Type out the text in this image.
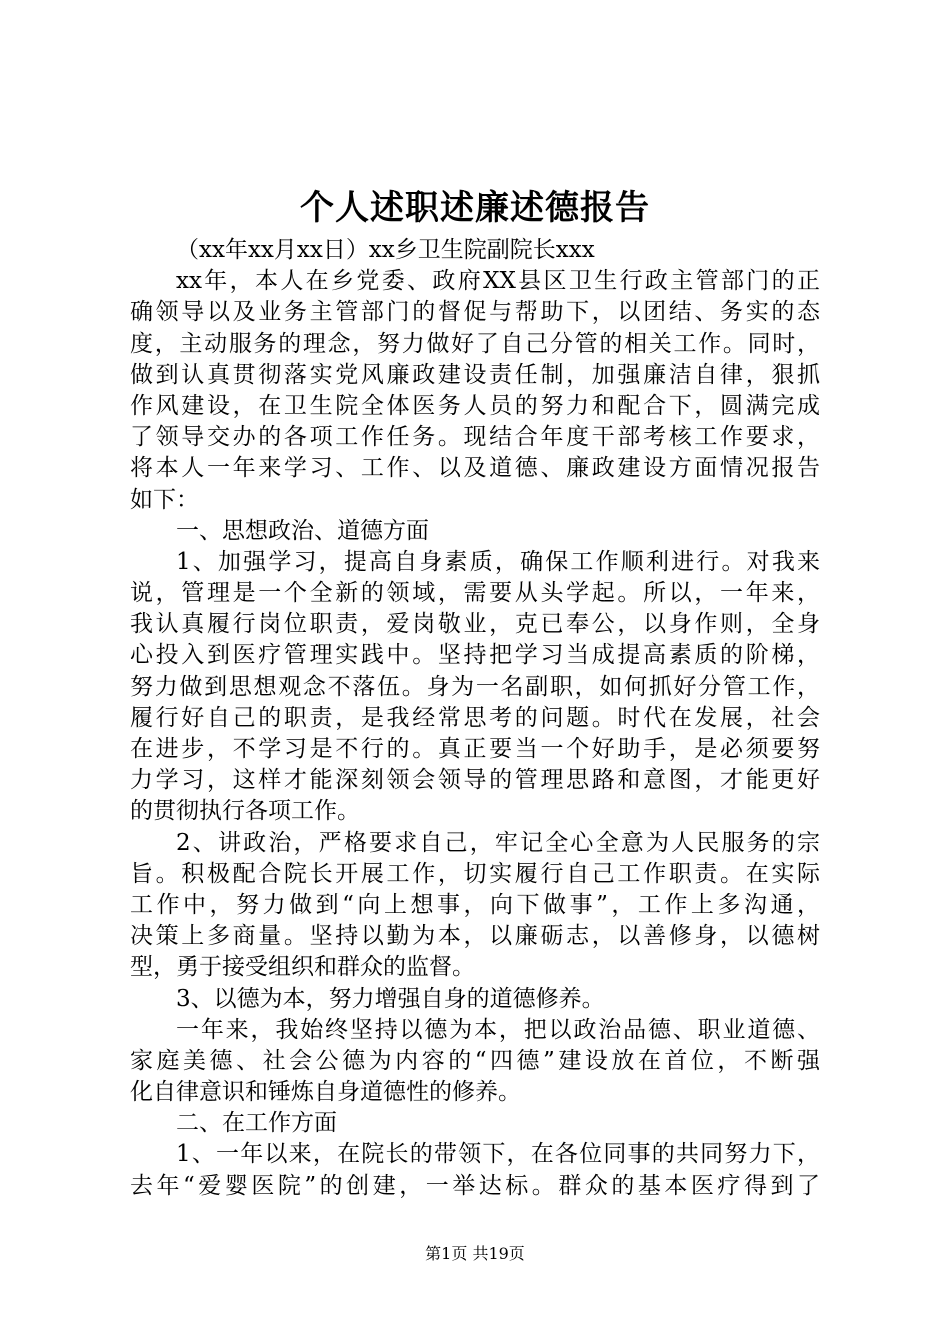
个人述职述廉述德报告
（xx年xx月xx日）xx乡卫生院副院长xxx
xx年，本人在乡党委、政府XX县区卫生行政主管部门的正
确领导以及业务主管部门的督促与帮助下，以团结、务实的态
度，主动服务的理念，努力做好了自己分管的相关工作。同时，
做到认真贯彻落实党风廉政建设责任制，加强廉洁自律，狠抓
作风建设，在卫生院全体医务人员的努力和配合下，圆满完成
了领导交办的各项工作任务。现结合年度干部考核工作要求，
将本人一年来学习、工作、以及道德、廉政建设方面情况报告
如下：
一、思想政治、道德方面
1、加强学习，提高自身素质，确保工作顺利进行。对我来
说，管理是一个全新的领域，需要从头学起。所以，一年来，
我认真履行岗位职责，爱岗敬业，克已奉公，以身作则，全身
心投入到医疗管理实践中。坚持把学习当成提高素质的阶梯，
努力做到思想观念不落伍。身为一名副职，如何抓好分管工作，
履行好自己的职责，是我经常思考的问题。时代在发展，社会
在进步，不学习是不行的。真正要当一个好助手，是必须要努
力学习，这样才能深刻领会领导的管理思路和意图，才能更好
的贯彻执行各项工作。
2、讲政治，严格要求自己，牢记全心全意为人民服务的宗
旨。积极配合院长开展工作，切实履行自己工作职责。在实际
工作中，努力做到“向上想事，向下做事”，工作上多沟通，
决策上多商量。坚持以勤为本，以廉砺志，以善修身，以德树
型，勇于接受组织和群众的监督。
3、以德为本，努力增强自身的道德修养。
一年来，我始终坚持以德为本，把以政治品德、职业道德、
家庭美德、社会公德为内容的“四德”建设放在首位，不断强
化自律意识和锤炼自身道德性的修养。
二、在工作方面
1、一年以来，在院长的带领下，在各位同事的共同努力下，
去年“爱婴医院”的创建，一举达标。群众的基本医疗得到了
第1页 共19页
